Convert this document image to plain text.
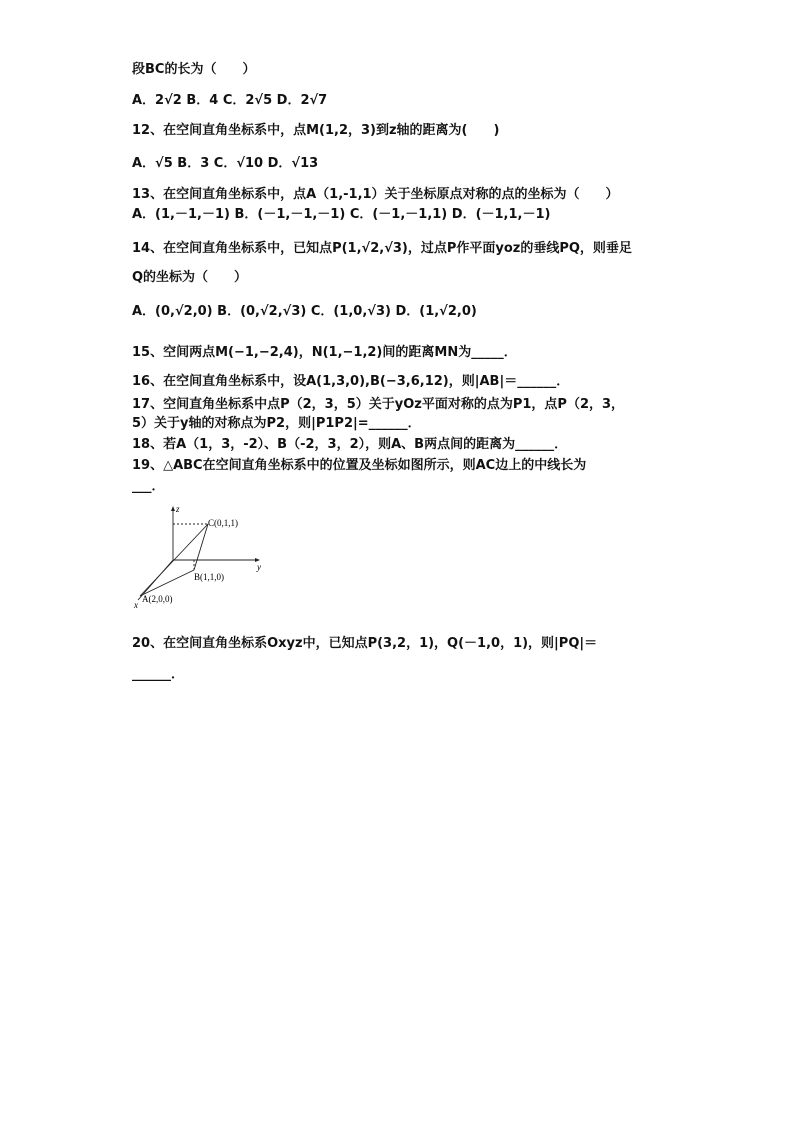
段BC的长为（　　）
A．2√2 B．4 C．2√5 D．2√7
12、在空间直角坐标系中，点M(1,2，3)到z轴的距离为(　　)
A．√5 B．3 C．√10 D．√13
13、在空间直角坐标系中，点A（1,-1,1）关于坐标原点对称的点的坐标为（　　）
A．(1,－1,－1) B．(－1,－1,－1) C．(－1,－1,1) D．(－1,1,－1)
14、在空间直角坐标系中，已知点P(1,√2,√3)，过点P作平面yoz的垂线PQ，则垂足
Q的坐标为（　　）
A．(0,√2,0) B．(0,√2,√3) C．(1,0,√3) D．(1,√2,0)
15、空间两点M(−1,−2,4)，N(1,−1,2)间的距离MN为_____．
16、在空间直角坐标系中，设A(1,3,0),B(−3,6,12)，则|AB|＝______．
17、空间直角坐标系中点P（2，3，5）关于yOz平面对称的点为P1，点P（2，3，
5）关于y轴的对称点为P2，则|P1P2|=______．
18、若A（1，3，-2）、B（-2，3，2），则A、B两点间的距离为______．
19、△ABC在空间直角坐标系中的位置及坐标如图所示，则AC边上的中线长为
___．
z
y
x
C(0,1,1)
B(1,1,0)
A(2,0,0)
20、在空间直角坐标系Oxyz中，已知点P(3,2，1)，Q(－1,0，1)，则|PQ|＝
______．
